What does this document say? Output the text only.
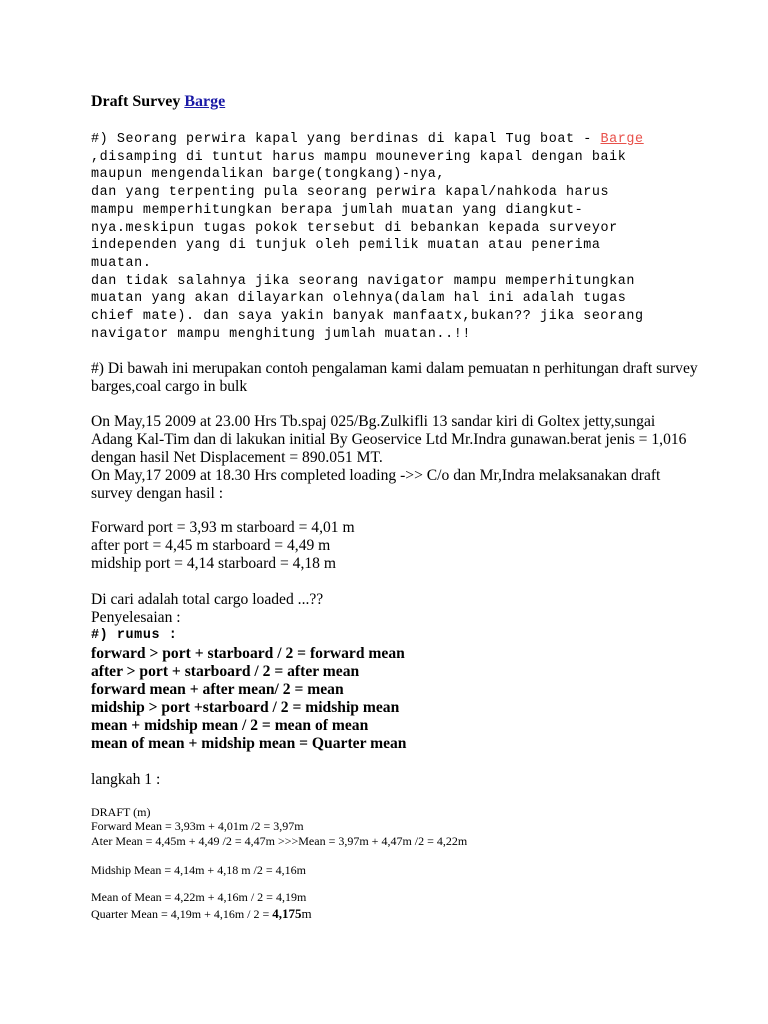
Draft Survey Barge
#) Seorang perwira kapal yang berdinas di kapal Tug boat - Barge
,disamping di tuntut harus mampu mounevering kapal dengan baik
maupun mengendalikan barge(tongkang)-nya,
dan yang terpenting pula seorang perwira kapal/nahkoda harus
mampu memperhitungkan berapa jumlah muatan yang diangkut-
nya.meskipun tugas pokok tersebut di bebankan kepada surveyor
independen yang di tunjuk oleh pemilik muatan atau penerima
muatan.
dan tidak salahnya jika seorang navigator mampu memperhitungkan
muatan yang akan dilayarkan olehnya(dalam hal ini adalah tugas
chief mate). dan saya yakin banyak manfaatx,bukan?? jika seorang
navigator mampu menghitung jumlah muatan..!!
#) Di bawah ini merupakan contoh pengalaman kami dalam pemuatan n perhitungan draft survey
barges,coal cargo in bulk
On May,15 2009 at 23.00 Hrs Tb.spaj 025/Bg.Zulkifli 13 sandar kiri di Goltex jetty,sungai
Adang Kal-Tim dan di lakukan initial By Geoservice Ltd Mr.Indra gunawan.berat jenis = 1,016
dengan hasil Net Displacement = 890.051 MT.
On May,17 2009 at 18.30 Hrs completed loading ->> C/o dan Mr,Indra melaksanakan draft
survey dengan hasil :
Forward port = 3,93 m starboard = 4,01 m
after port = 4,45 m starboard = 4,49 m
midship port = 4,14 starboard = 4,18 m
Di cari adalah total cargo loaded ...??
Penyelesaian :
#) rumus :
forward > port + starboard / 2 = forward mean
after > port + starboard / 2 = after mean
forward mean + after mean/ 2 = mean
midship > port +starboard / 2 = midship mean
mean + midship mean / 2 = mean of mean
mean of mean + midship mean = Quarter mean
langkah 1 :
DRAFT (m)
Forward Mean = 3,93m + 4,01m /2 = 3,97m
Ater Mean = 4,45m + 4,49 /2 = 4,47m >>>Mean = 3,97m + 4,47m /2 = 4,22m
Midship Mean = 4,14m + 4,18 m /2 = 4,16m
Mean of Mean = 4,22m + 4,16m / 2 = 4,19m
Quarter Mean = 4,19m + 4,16m / 2 = 4,175m
